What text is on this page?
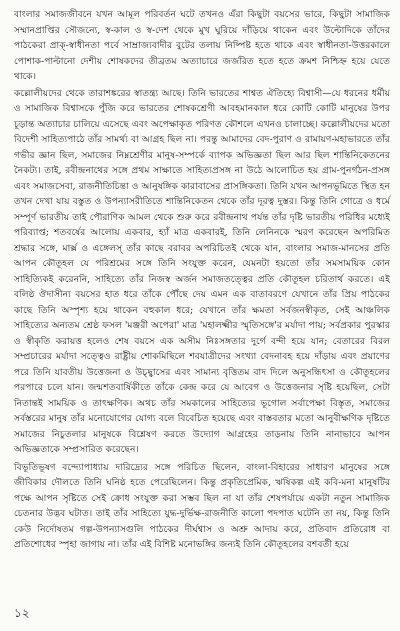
বাংলার সমাজজীবনে যখন আমূল পরিবর্তন ঘটে তখনও এঁরা কিছুটা বয়সের ভারে, কিছুটা সামাজিক সম্মানপ্রাপ্তির সৌজন্যে, স্ব-কাল ও স্ব-দেশ থেকে মুখ ঘুরিয়ে দাঁড়িয়ে থাকেন এবং উল্টোদিকে তাঁদের পাঠকেরা প্রাক্-স্বাধীনতা পর্বে সাম্রাজ্যবাদীর বুটের তলায় নিষ্পিষ্ট হতে থাকে এবং স্বাধীনতা-উত্তরকালে পোশাক-পাল্টানো দেশীয় শোষকদের তীব্রতম অত্যাচারে জর্জরিত হতে হতে ক্রমশ নিশ্চিহ্ন হয়ে যেতে থাকে।

কল্লোলীয়দের থেকে তারাশঙ্করের স্বাতন্ত্র্য আছে। তিনি ভারতের শাশ্বত ঐতিহ্যে বিশ্বাসী—যে ধরনের ধর্মীয় ও সামাজিক বিশ্বাসকে পুঁজি করে ভারতের শোষকশ্রেণী আবহমানকাল ধরে কোটি কোটি মানুষের উপর চূড়ান্ত অত্যাচার চালিয়ে এসেছে এবং অপেক্ষাকৃত পরিণত কৌশলে এখনও চালাচ্ছে। কল্লোলীয়দের মতো বিদেশী সাহিত্যপাঠে তাঁর সামর্থ্য বা আগ্রহ ছিল না। পরন্তু আমাদের বেদ-পুরাণ ও রামায়ণ-মহাভারতে তাঁর গভীর জ্ঞান ছিল, সমাজের নিম্নশ্রেণীর মানুষ-সম্পর্কে ব্যাপক অভিজ্ঞতা ছিল আর ছিল শান্তিনিকেতনের নৈকট্য। তাই, রবীন্দ্রনাথের সঙ্গে প্রথম সাক্ষাতে সাহিত্যপ্রসঙ্গ না উঠে আলোচিত হয় গ্রাম-পুনর্গঠন-প্রসঙ্গ এবং সমাজসেবা, রাজনীতিচিন্তা ও আনুষঙ্গিক কারাবাসের প্রাসঙ্গিকতা। তিনি যখন আপনভূমিতে স্থিত হন তখন দেখা যায় বস্তুত ও উপন্যাসরীতিতে শান্তিনিকেতন থেকে তাঁর দূরত্ব দুস্তর। কিন্তু তিনি গোত্রে ও ধর্মে সম্পূর্ণ ভারতীয় তাই পৌরাণিক আমল থেকে শুরু করে রবীন্দ্রনাথ পর্যন্ত তাঁর দৃষ্টি ভারতীয় পরিধির মধ্যেই পরিব্যাপ্ত; শতবর্ষের আলোয় একবার, হ্যাঁ মাত্র একবারই, তিনি লেনিনকে স্মরণ করেছেন অপরিমিত শ্রদ্ধার সঙ্গে, মার্ক্স ও এঙ্গেলস্ তাঁর কাছে বরাবর অপরিচিতই থেকে যান, বাংলার সমাজ-মানসের প্রতি আপন কৌতূহল যে পরিশ্রমের সঙ্গে তিনি সংযুক্ত করেন, যেমনটা হয়তো তাঁর সমসাময়িক কোন সাহিত্যিকই করেননি, সাহিত্যে তাঁর নিজস্ব অর্জন সমাজতত্ত্বের প্রতি কৌতূহল চরিতার্থ করতে। এই বলিষ্ঠ ঔদাসীন্য বয়সের হাত ধরে তাঁকে পৌঁছে দেয় এমন এক বাতাবরণে যেখানে তাঁর প্রিয় পাঠকের কাছে তিনি অস্পৃশ্য হয়ে থাকেন বহুকাল ধরে; যেখানে তাঁর ক্ষমতা সর্বজনস্বীকৃত, সেই আঞ্চলিক সাহিত্যের অন্যতম শ্রেষ্ঠ ফসল 'মঞ্জরী অপেরা' মাত্র 'মহালক্ষ্মীর স্মৃতিসঙ্গে'র মর্যাদা পায়; সর্বপ্রকার পুরস্কার ও স্বীকৃতি করায়ত্ত হলেও শেষ বয়সে এক অসীম নিঃসঙ্গতার দুর্গে বন্দী হয়ে যান; বেতারের বিরল সম্প্রচারের মর্যাদা সত্ত্বেও রাষ্ট্রীয় শোকমিছিলে শবযাত্রীদের সংখ্যা বেদনাবহ হয়ে দাঁড়ায় এবং প্রয়াণের পরে তিনি যাবতীয় উত্তেজনা ও উচ্ছ্বাসের এবং সামান্য বৃত্তিতম বাদ দিলে অনুসন্ধিৎসা ও কৌতূহলের পরপারে চলে যান। জন্মশতবার্ষিকীতে তাঁকে কেন্দ্র করে যে আবেগ ও উত্তেজনার সৃষ্টি হয়েছিল, সেটা নিতান্তই সাময়িক ও তাৎক্ষণিক। অথচ তাঁর সমকালের সাহিত্যের ভূগোল সর্বাপেক্ষা বিস্তৃত, সমাজের সর্বস্তরের মানুষ তাঁর মনোযোগের যোগ্য বলে বিবেচিত হয়েছে এবং বাস্তবতার মতো আনুবীক্ষণিক দৃষ্টিতে সমাজের নিচুতলার মানুষকে বিশ্লেষণ করতে উদ্যোগ আগ্রহের তাড়নায় তিনি নানাভাবে আপন অভিজ্ঞতাকে সম্প্রসারিত করেছেন।

বিভূতিভূষণ বন্দ্যোপাধ্যায় দারিদ্র্যের সঙ্গে পরিচিত ছিলেন, বাংলা-বিহারের সাধারণ মানুষের সঙ্গে জীবিকার দৌলতে তিনি ঘনিষ্ঠ হতে পেরেছিলেন। কিন্তু প্রকৃতিপ্রেমিক, ঋষিকল্প এই কবি-মনা মানুষটির পক্ষে আপন সৃষ্টিতে সেই ক্রোধ সংযুক্ত করা সম্ভব ছিল না যা তাঁর শেষপর্যায়ে একটা নতুন সামাজিক চেতনার উদ্ভব ঘটাত। তাই তাঁর সাহিত্যে যুদ্ধ-দুর্ভিক্ষ-রাজনীতি কালো পদপাত ঘটেনি তা নয়, কিন্তু তিনি কেউ নির্দোষতম গল্প-উপন্যাসগুলি পাঠকের দীর্ঘশ্বাস ও অশ্রু আদায় করে, প্রতিবাদ প্রতিরোধ বা প্রতিশোধের স্পৃহা জাগায় না। তাঁর এই বিশিষ্ট মনোভঙ্গির জন্যই তিনি কৌতূহলের বশবর্তী হয়ে

১২
